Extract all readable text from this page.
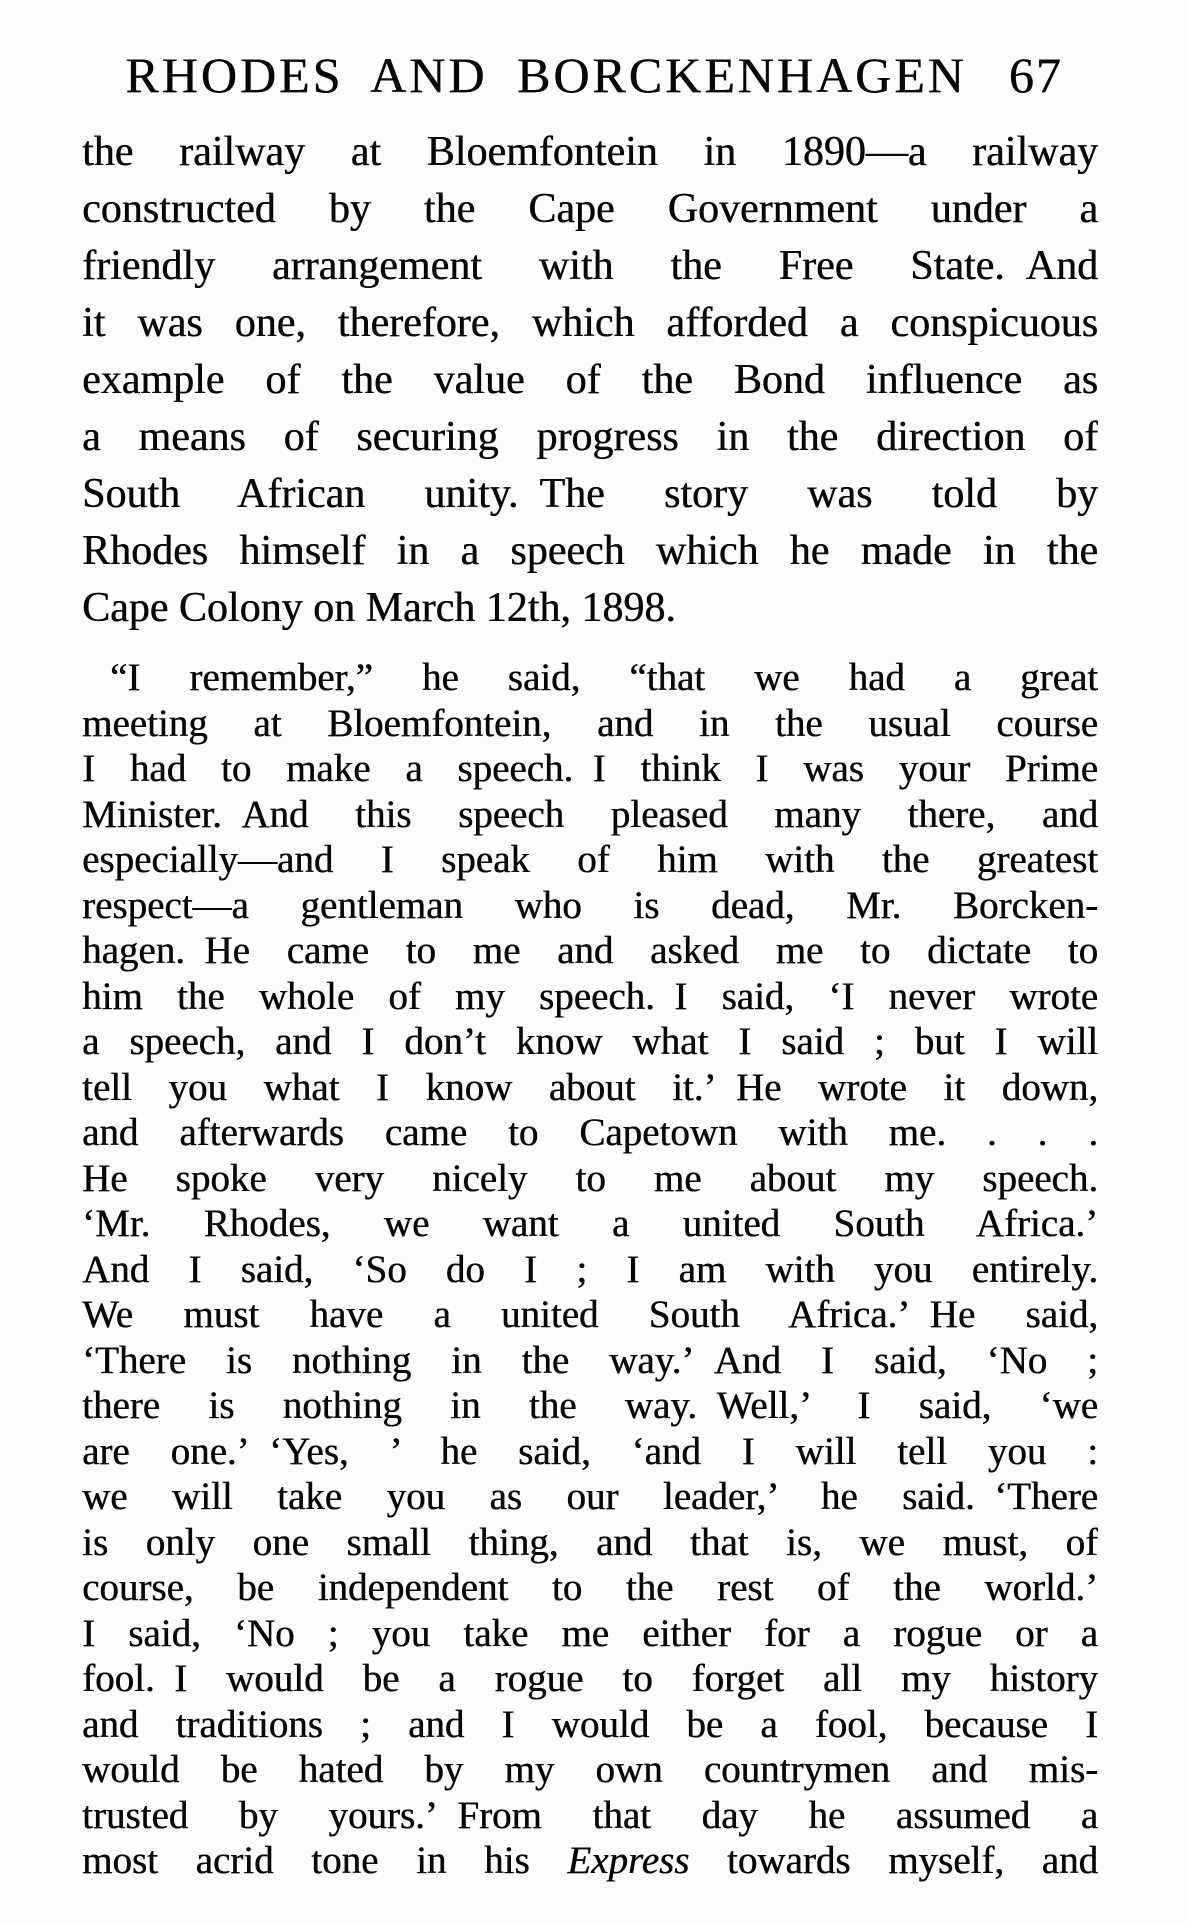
RHODES AND BORCKENHAGEN 67
the railway at Bloemfontein in 1890—a railway
constructed by the Cape Government under a
friendly arrangement with the Free State. And
it was one, therefore, which afforded a conspicuous
example of the value of the Bond influence as
a means of securing progress in the direction of
South African unity. The story was told by
Rhodes himself in a speech which he made in the
Cape Colony on March 12th, 1898.
“I remember,” he said, “that we had a great
meeting at Bloemfontein, and in the usual course
I had to make a speech. I think I was your Prime
Minister. And this speech pleased many there, and
especially—and I speak of him with the greatest
respect—a gentleman who is dead, Mr. Borcken-
hagen. He came to me and asked me to dictate to
him the whole of my speech. I said, ‘I never wrote
a speech, and I don’t know what I said ; but I will
tell you what I know about it.’ He wrote it down,
and afterwards came to Capetown with me. . . .
He spoke very nicely to me about my speech.
‘Mr. Rhodes, we want a united South Africa.’
And I said, ‘So do I ; I am with you entirely.
We must have a united South Africa.’ He said,
‘There is nothing in the way.’ And I said, ‘No ;
there is nothing in the way. Well,’ I said, ‘we
are one.’ ‘Yes, ’ he said, ‘and I will tell you :
we will take you as our leader,’ he said. ‘There
is only one small thing, and that is, we must, of
course, be independent to the rest of the world.’
I said, ‘No ; you take me either for a rogue or a
fool. I would be a rogue to forget all my history
and traditions ; and I would be a fool, because I
would be hated by my own countrymen and mis-
trusted by yours.’ From that day he assumed a
most acrid tone in his Express towards myself, and
